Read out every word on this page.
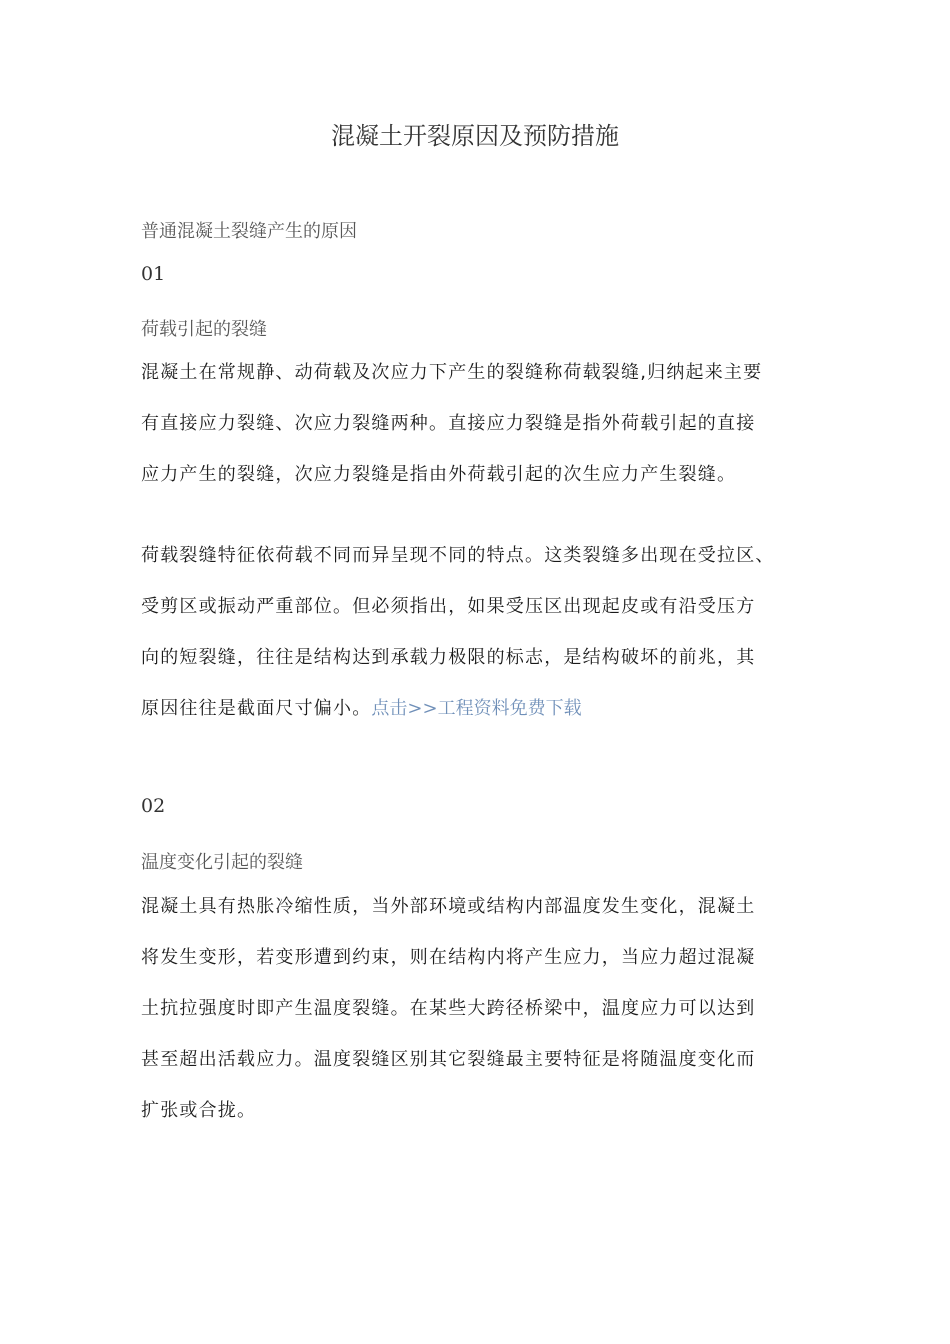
混凝土开裂原因及预防措施
普通混凝土裂缝产生的原因
01
荷载引起的裂缝

混凝土在常规静、动荷载及次应力下产生的裂缝称荷载裂缝,归纳起来主要
有直接应力裂缝、次应力裂缝两种。直接应力裂缝是指外荷载引起的直接
应力产生的裂缝，次应力裂缝是指由外荷载引起的次生应力产生裂缝。

荷载裂缝特征依荷载不同而异呈现不同的特点。这类裂缝多出现在受拉区、
受剪区或振动严重部位。但必须指出，如果受压区出现起皮或有沿受压方
向的短裂缝，往往是结构达到承载力极限的标志，是结构破坏的前兆，其
原因往往是截面尺寸偏小。点击>>工程资料免费下载

02
温度变化引起的裂缝

混凝土具有热胀冷缩性质，当外部环境或结构内部温度发生变化，混凝土
将发生变形，若变形遭到约束，则在结构内将产生应力，当应力超过混凝
土抗拉强度时即产生温度裂缝。在某些大跨径桥梁中，温度应力可以达到
甚至超出活载应力。温度裂缝区别其它裂缝最主要特征是将随温度变化而
扩张或合拢。
